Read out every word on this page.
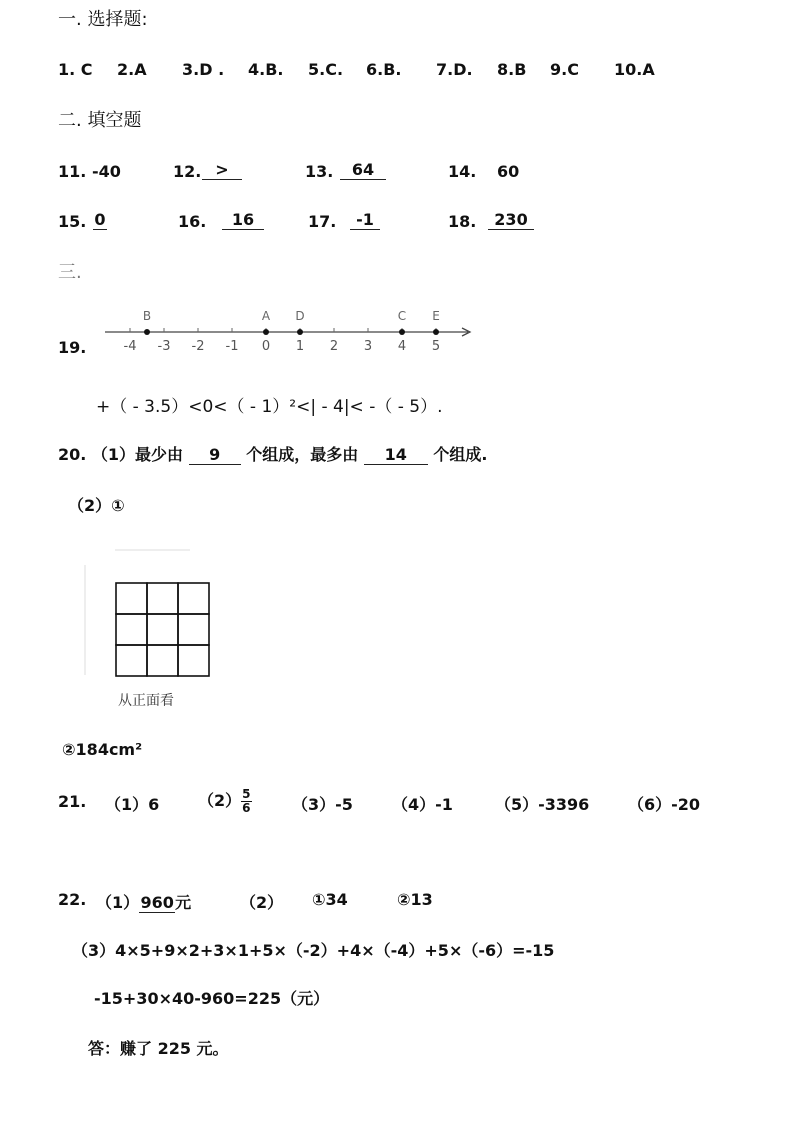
一. 选择题:
1. C 2.A 3.D . 4.B. 5.C. 6.B. 7.D. 8.B 9.C 10.A
二. 填空题
11. -40	12. >	13.	64	14. 60
15. 0	16.	16	17.	-1	18.	230
三.
19.	-4 -3 -2 -1 0 1 2 3 4 5
B	A D	C E
+（ - 3.5）<0<（ - 1）²<| - 4|< -（ - 5）.
20. （1）最少由 9 个组成，最多由 14 个组成.
（2）①
从正面看
②184cm²
21. （1）6 $(2) \frac{5}{6}$	（3）-5 （4）-1	（5）-3396 （6）-20
22. （1）960元	（2） ①34	②13
（3）4×5+9×2+3×1+5×（-2）+4×（-4）+5×（-6）=-15
-15+30×40-960=225（元）
答：赚了 225 元。
